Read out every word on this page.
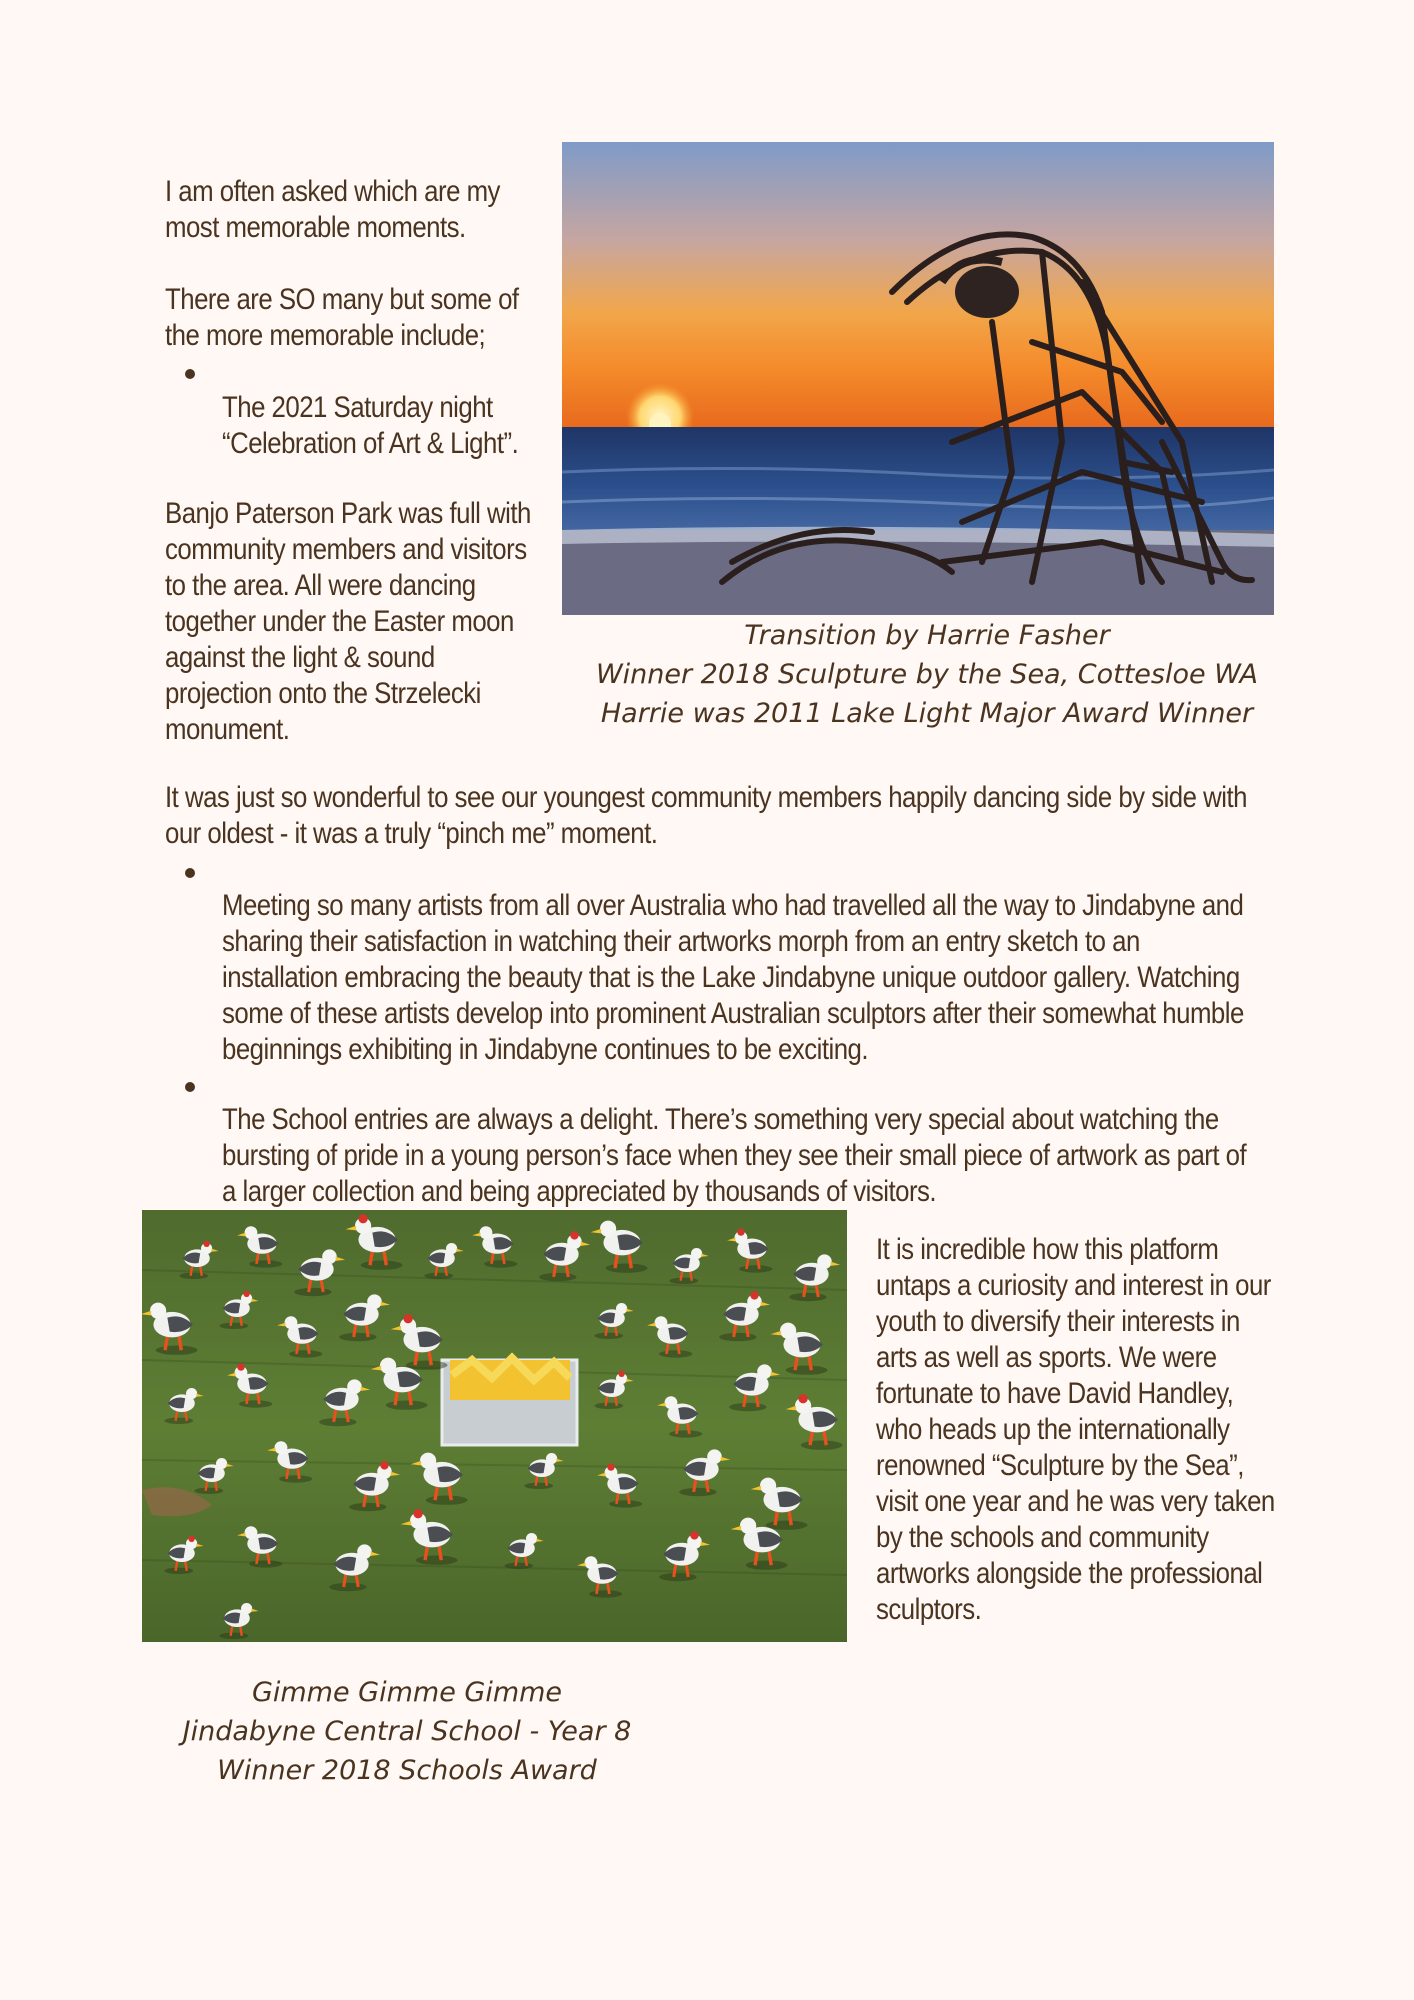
I am often asked which are my
most memorable moments.
There are SO many but some of
the more memorable include;
The 2021 Saturday night
“Celebration of Art & Light”.
Banjo Paterson Park was full with
community members and visitors
to the area. All were dancing
together under the Easter moon
against the light & sound
projection onto the Strzelecki
monument.
Transition by Harrie Fasher
Winner 2018 Sculpture by the Sea, Cottesloe WA
Harrie was 2011 Lake Light Major Award Winner
It was just so wonderful to see our youngest community members happily dancing side by side with
our oldest - it was a truly “pinch me” moment.
Meeting so many artists from all over Australia who had travelled all the way to Jindabyne and
sharing their satisfaction in watching their artworks morph from an entry sketch to an
installation embracing the beauty that is the Lake Jindabyne unique outdoor gallery. Watching
some of these artists develop into prominent Australian sculptors after their somewhat humble
beginnings exhibiting in Jindabyne continues to be exciting.
The School entries are always a delight. There’s something very special about watching the
bursting of pride in a young person’s face when they see their small piece of artwork as part of
a larger collection and being appreciated by thousands of visitors.
It is incredible how this platform
untaps a curiosity and interest in our
youth to diversify their interests in
arts as well as sports. We were
fortunate to have David Handley,
who heads up the internationally
renowned “Sculpture by the Sea”,
visit one year and he was very taken
by the schools and community
artworks alongside the professional
sculptors.
Gimme Gimme Gimme
Jindabyne Central School - Year 8
Winner 2018 Schools Award
